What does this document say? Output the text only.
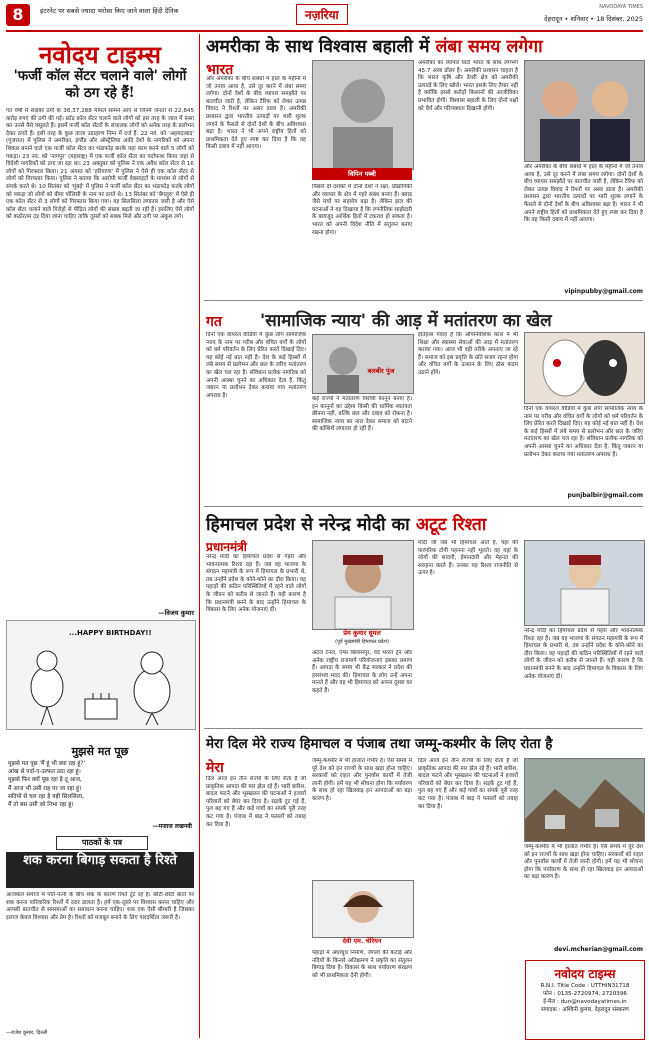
8	इंटरनेट पर सबसे ज्यादा भरोसा किए जाने वाला हिंदी दैनिक	नज़रिया
NAVODAYA TIMES
देहरादून • शनिवार • 18 दिसंबर, 2025
नवोदय टाइम्स
'फर्जी कॉल सेंटर चलाने वाले' लोगों को ठग रहे हैं!
गत वर्षों में साइबर ठगी के 36,37,288 मामले सामने आए थे जिनमें जनता से 22,845 करोड़ रुपए की ठगी की गई। फ्रॉड कॉल सेंटर चलाने वाले लोगों को इस तरह के जाल में फंसा कर उनसे पैसे वसूलते हैं। इसमें फर्जी कॉल सेंटरों के संचालक लोगों को अनेक तरह के प्रलोभन देकर ठगते हैं। इसी तरह के कुछ ताजा उदाहरण निम्न में दर्ज हैं: 22 नवं. को 'अहमदाबाद' (गुजरात) में पुलिस ने अमरीका, इंग्लैंड और ऑस्ट्रेलिया आदि देशों के नागरिकों को अपना शिकार बनाने वाले एक फर्जी कॉल सेंटर का भंडाफोड़ करके यहां काम करने वाले 5 लोगों को पकड़ा। 23 नवं. को 'नागपुर' (महाराष्ट्र) में एक फर्जी कॉल सेंटर का पर्दाफाश किया जहां से विदेशी नागरिकों को ठगा जा रहा था। 23 अक्तूबर को पुलिस ने एक अवैध कॉल सेंटर से 16 लोगों को गिरफ्तार किया। 21 अगस्त को 'हरियाणा' में पुलिस ने ऐसे ही एक कॉल सेंटर से लोगों को गिरफ्तार किया। पुलिस ने बताया कि आरोपी फर्जी वेबसाइटों के माध्यम से लोगों से संपर्क करते थे। 10 सितंबर को 'मुंबई' में पुलिस ने फर्जी कॉल सेंटर का भंडाफोड़ करके लोगों को पकड़ा जो लोगों को बीमा पॉलिसी के नाम पर ठगते थे। 13 सितंबर को 'बेंगलुरु' में ऐसे ही एक कॉल सेंटर से 3 लोगों को गिरफ्तार किया गया। यह सिलसिला लगातार जारी है और ऐसे कॉल सेंटर चलाने वाले गिरोहों से पीड़ित लोगों की संख्या बढ़ती जा रही है। इसलिए ऐसे लोगों को कठोरतम दंड दिया जाना चाहिए ताकि दूसरों को सबक मिले और ठगी पर अंकुश लगे।
—विजय कुमार
...HAPPY BIRTHDAY!!
मुझसे मत पूछ
मुझसे मत पूछ 'मैं हूं भी क्या रहा हूं?'
आंख से पर्दा-ए-उल्फत उठा रहा हूं।
मुझसे फिर क्यों पूछ रहा है तू आज,
मैं आज भी उसी राह पर जा रहा हूं।
सदियों से चल रहा है यही सिलसिला,
मैं तो बस उसी को निभा रहा हूं।
—मजाज लखनवी
पाठकों के पत्र
शक करना बिगाड़ सकता है रिश्ते
आजकल समाज में पति-पत्नी के बीच शक के कारण रिश्ते टूट रहे हैं। छोटी-छोटी बातों पर शक करना पारिवारिक रिश्तों में दरार डालता है। हमें एक-दूसरे पर विश्वास करना चाहिए और आपसी बातचीत से समस्याओं का समाधान करना चाहिए। शक एक ऐसी बीमारी है जिसका इलाज केवल विश्वास और प्रेम है। रिश्तों को मजबूत बनाने के लिए पारदर्शिता जरूरी है।
—राजेश कुमार, दिल्ली
अमरीका के साथ विश्वास बहाली में लंबा समय लगेगा
भारत
और अमरीका के बीच संबंधों में हाल के महीनों में जो तनाव आया है, उसे दूर करने में लंबा समय लगेगा। दोनों देशों के बीच व्यापार समझौते पर बातचीत जारी है, लेकिन टैरिफ को लेकर उत्पन्न विवाद ने रिश्तों पर असर डाला है। अमरीकी प्रशासन द्वारा भारतीय उत्पादों पर भारी शुल्क लगाने के फैसले से दोनों देशों के बीच अविश्वास बढ़ा है। भारत ने भी अपने राष्ट्रीय हितों को प्राथमिकता देते हुए स्पष्ट कर दिया है कि वह किसी दबाव में नहीं आएगा।
विपिन पब्बी
पिछले दो दशकों में दोनों देशों ने रक्षा, प्रौद्योगिकी और व्यापार के क्षेत्र में गहरे संबंध बनाए हैं। क्वाड जैसे मंचों पर सहयोग बढ़ा है। लेकिन हाल की घटनाओं ने यह दिखाया है कि रणनीतिक साझेदारी के बावजूद आर्थिक हितों में टकराव हो सकता है। भारत को अपनी विदेश नीति में संतुलन बनाए रखना होगा।
अमरीका का व्यापार घाटा भारत के साथ लगभग 45.7 अरब डॉलर है। अमरीकी प्रशासन चाहता है कि भारत कृषि और डेयरी क्षेत्र को अमरीकी उत्पादों के लिए खोले। भारत इसके लिए तैयार नहीं है क्योंकि इससे करोड़ों किसानों की आजीविका प्रभावित होगी। विश्वास बहाली के लिए दोनों पक्षों को धैर्य और परिपक्वता दिखानी होगी।
और अमरीका के बीच संबंधों में हाल के महीनों में जो तनाव आया है, उसे दूर करने में लंबा समय लगेगा। दोनों देशों के बीच व्यापार समझौते पर बातचीत जारी है, लेकिन टैरिफ को लेकर उत्पन्न विवाद ने रिश्तों पर असर डाला है। अमरीकी प्रशासन द्वारा भारतीय उत्पादों पर भारी शुल्क लगाने के फैसले से दोनों देशों के बीच अविश्वास बढ़ा है। भारत ने भी अपने राष्ट्रीय हितों को प्राथमिकता देते हुए स्पष्ट कर दिया है कि वह किसी दबाव में नहीं आएगा।
vipinpubby@gmail.com
'सामाजिक न्याय' की आड़ में मतांतरण का खेल
गत
दिनों एक वायरल वीडियो में कुछ लोग सामाजिक न्याय के नाम पर गरीब और वंचित वर्गों के लोगों को धर्म परिवर्तन के लिए प्रेरित करते दिखाई दिए। यह कोई नई बात नहीं है। देश के कई हिस्सों में लंबे समय से प्रलोभन और छल के जरिए मतांतरण का खेल चल रहा है। संविधान प्रत्येक नागरिक को अपनी आस्था चुनने का अधिकार देता है, किंतु जबरन या प्रलोभन देकर कराया गया मतांतरण अपराध है।
बलबीर पुंज
कई राज्यों ने मतांतरण विरोधी कानून बनाए हैं। इन कानूनों का उद्देश्य किसी की धार्मिक स्वतंत्रता छीनना नहीं, बल्कि छल और दबाव को रोकना है। सामाजिक न्याय का नारा देकर समाज को बांटने की कोशिशें लगातार हो रही हैं।
इतिहास गवाह है कि औपनिवेशिक काल में भी शिक्षा और स्वास्थ्य सेवाओं की आड़ में मतांतरण कराया गया। आज भी वही तरीके अपनाए जा रहे हैं। समाज को इस प्रवृत्ति के प्रति सजग रहना होगा और वंचित वर्गों के उत्थान के लिए ठोस कदम उठाने होंगे।
दिनों एक वायरल वीडियो में कुछ लोग सामाजिक न्याय के नाम पर गरीब और वंचित वर्गों के लोगों को धर्म परिवर्तन के लिए प्रेरित करते दिखाई दिए। यह कोई नई बात नहीं है। देश के कई हिस्सों में लंबे समय से प्रलोभन और छल के जरिए मतांतरण का खेल चल रहा है। संविधान प्रत्येक नागरिक को अपनी आस्था चुनने का अधिकार देता है, किंतु जबरन या प्रलोभन देकर कराया गया मतांतरण अपराध है।
punjbalbir@gmail.com
हिमाचल प्रदेश से नरेन्द्र मोदी का अटूट रिश्ता
प्रधानमंत्री
नरेन्द्र मोदी का हिमाचल प्रदेश से गहरा और भावनात्मक रिश्ता रहा है। जब वह भाजपा के संगठन महामंत्री के रूप में हिमाचल के प्रभारी थे, तब उन्होंने प्रदेश के कोने-कोने का दौरा किया। वह पहाड़ों की कठिन परिस्थितियों में रहने वाले लोगों के जीवन को करीब से जानते हैं। यही कारण है कि प्रधानमंत्री बनने के बाद उन्होंने हिमाचल के विकास के लिए अनेक योजनाएं दीं।
प्रेम कुमार धूमल
(पूर्व मुख्यमंत्री हिमाचल प्रदेश)
अटल टनल, एम्स बिलासपुर, वंदे भारत ट्रेन और अनेक राष्ट्रीय राजमार्ग परियोजनाएं इसका प्रमाण हैं। आपदा के समय भी केंद्र सरकार ने प्रदेश की हरसंभव मदद की। हिमाचल के लोग उन्हें अपना मानते हैं और वह भी हिमाचल को अपना दूसरा घर कहते हैं।
मोदी जी जब भी हिमाचल आते हैं, यहां की पारंपरिक टोपी पहनना नहीं भूलते। वह यहां के लोगों की सादगी, ईमानदारी और मेहनत की सराहना करते हैं। उनका यह रिश्ता राजनीति से ऊपर है।
नरेन्द्र मोदी का हिमाचल प्रदेश से गहरा और भावनात्मक रिश्ता रहा है। जब वह भाजपा के संगठन महामंत्री के रूप में हिमाचल के प्रभारी थे, तब उन्होंने प्रदेश के कोने-कोने का दौरा किया। वह पहाड़ों की कठिन परिस्थितियों में रहने वाले लोगों के जीवन को करीब से जानते हैं। यही कारण है कि प्रधानमंत्री बनने के बाद उन्होंने हिमाचल के विकास के लिए अनेक योजनाएं दीं।
मेरा दिल मेरे राज्य हिमाचल व पंजाब तथा जम्मू-कश्मीर के लिए रोता है
मेरा
दिल आज इन तीन राज्यों के लिए रोता है जो प्राकृतिक आपदा की मार झेल रहे हैं। भारी बारिश, बादल फटने और भूस्खलन की घटनाओं ने हजारों परिवारों को बेघर कर दिया है। सड़कें टूट गई हैं, पुल बह गए हैं और कई गांवों का संपर्क पूरी तरह कट गया है। पंजाब में बाढ़ ने फसलों को तबाह कर दिया है।
जम्मू-कश्मीर में भी हालात गंभीर हैं। ऐसे समय में पूरे देश को इन राज्यों के साथ खड़ा होना चाहिए। सरकारों को राहत और पुनर्वास कार्यों में तेजी लानी होगी। हमें यह भी सोचना होगा कि पर्यावरण के साथ हो रहा खिलवाड़ इन आपदाओं का बड़ा कारण है।
देवी एम. चेरियन
पहाड़ों में अंधाधुंध निर्माण, जंगलों की कटाई और नदियों के किनारे अतिक्रमण ने प्रकृति का संतुलन बिगाड़ दिया है। विकास के साथ पर्यावरण संरक्षण को भी प्राथमिकता देनी होगी।
दिल आज इन तीन राज्यों के लिए रोता है जो प्राकृतिक आपदा की मार झेल रहे हैं। भारी बारिश, बादल फटने और भूस्खलन की घटनाओं ने हजारों परिवारों को बेघर कर दिया है। सड़कें टूट गई हैं, पुल बह गए हैं और कई गांवों का संपर्क पूरी तरह कट गया है। पंजाब में बाढ़ ने फसलों को तबाह कर दिया है।
जम्मू-कश्मीर में भी हालात गंभीर हैं। ऐसे समय में पूरे देश को इन राज्यों के साथ खड़ा होना चाहिए। सरकारों को राहत और पुनर्वास कार्यों में तेजी लानी होगी। हमें यह भी सोचना होगा कि पर्यावरण के साथ हो रहा खिलवाड़ इन आपदाओं का बड़ा कारण है।
devi.mcherian@gmail.com
नवोदय टाइम्स
R.N.I. Title Code : UTTHIN31718
फोन : 0135-2720974, 2720396
ई-मेल : dun@navodayatimes.in
संपादक : अश्विनी कुमार, देहरादून संस्करण
